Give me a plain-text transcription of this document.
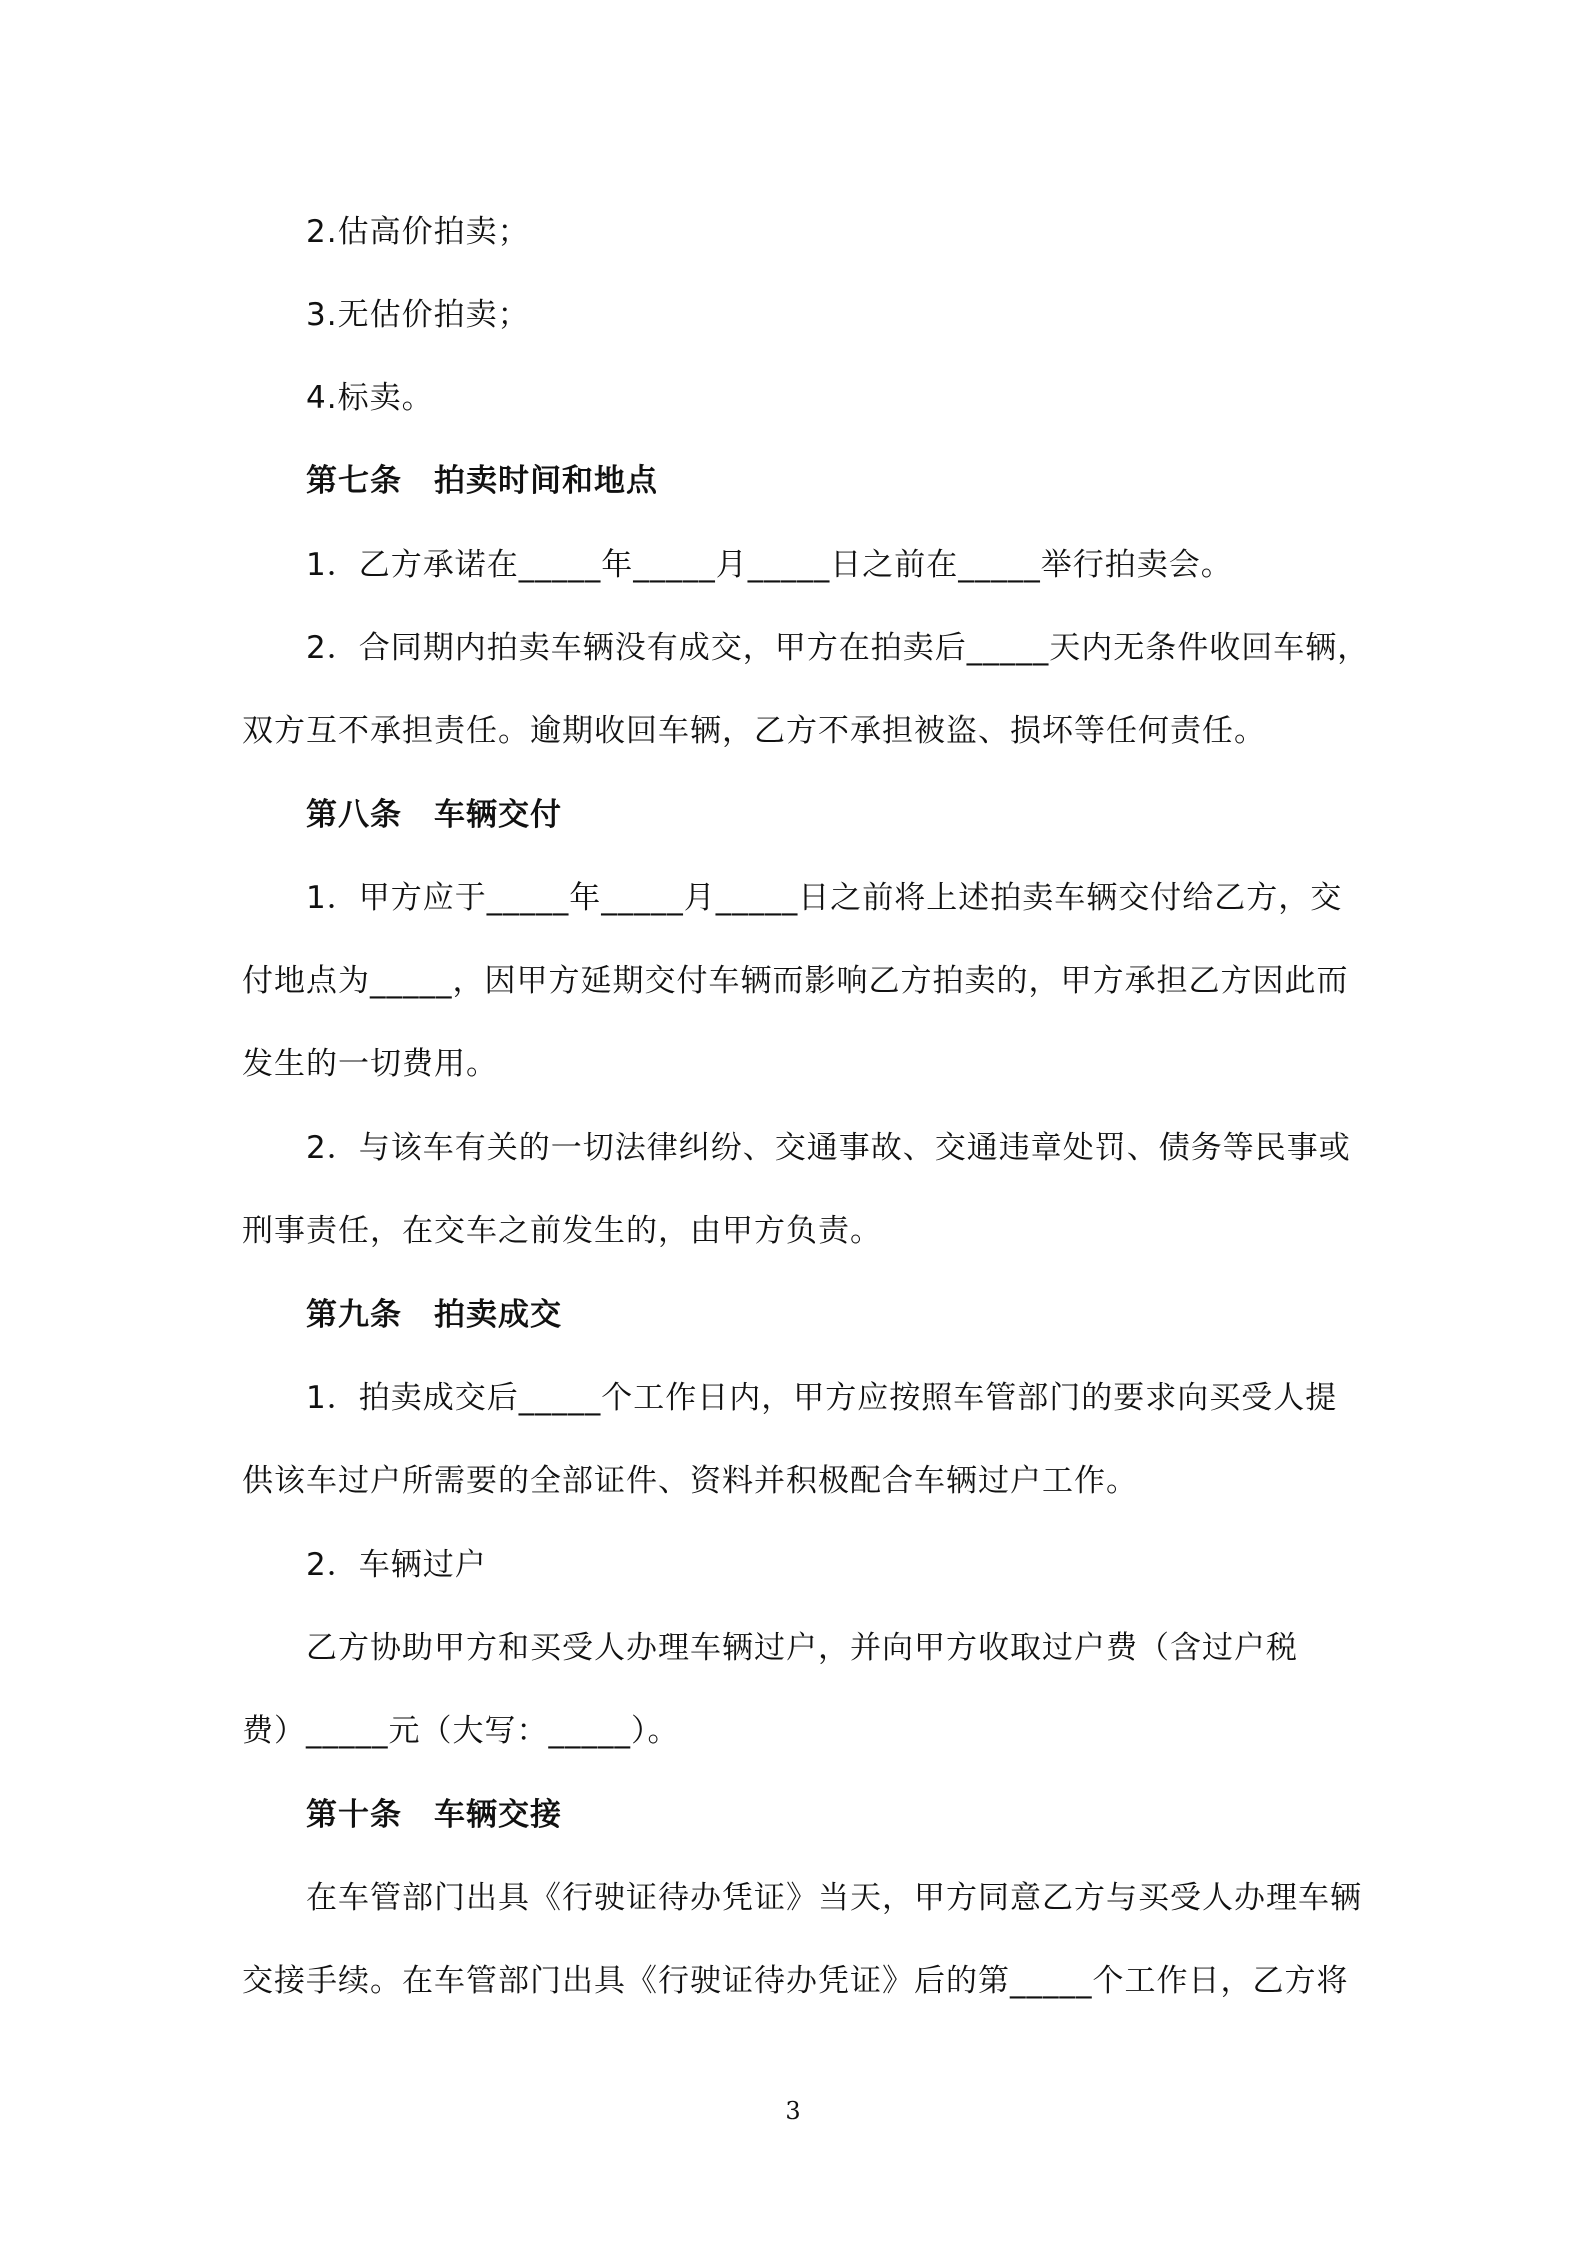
2.估高价拍卖；
3.无估价拍卖；
4.标卖。
第七条 拍卖时间和地点
1．乙方承诺在_____年_____月_____日之前在_____举行拍卖会。
2．合同期内拍卖车辆没有成交，甲方在拍卖后_____天内无条件收回车辆，
双方互不承担责任。逾期收回车辆，乙方不承担被盗、损坏等任何责任。
第八条 车辆交付
1．甲方应于_____年_____月_____日之前将上述拍卖车辆交付给乙方，交
付地点为_____，因甲方延期交付车辆而影响乙方拍卖的，甲方承担乙方因此而
发生的一切费用。
2．与该车有关的一切法律纠纷、交通事故、交通违章处罚、债务等民事或
刑事责任，在交车之前发生的，由甲方负责。
第九条 拍卖成交
1．拍卖成交后_____个工作日内，甲方应按照车管部门的要求向买受人提
供该车过户所需要的全部证件、资料并积极配合车辆过户工作。
2．车辆过户
乙方协助甲方和买受人办理车辆过户，并向甲方收取过户费（含过户税
费）_____元（大写：_____）。
第十条 车辆交接
在车管部门出具《行驶证待办凭证》当天，甲方同意乙方与买受人办理车辆
交接手续。在车管部门出具《行驶证待办凭证》后的第_____个工作日，乙方将
3
